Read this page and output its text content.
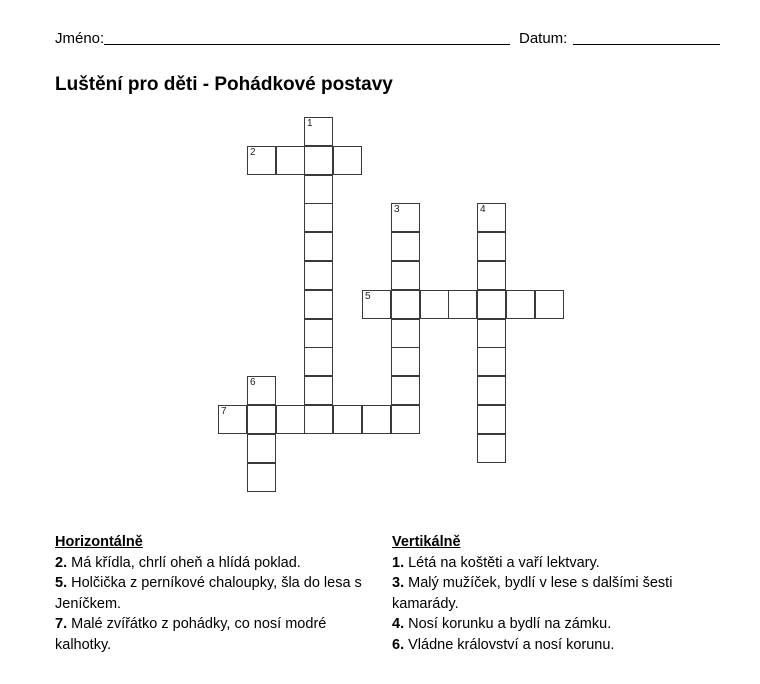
Jméno:	Datum:
Luštění pro děti - Pohádkové postavy
1
2
3	4
5
6
7
Horizontálně
2. Má křídla, chrlí oheň a hlídá poklad.
5. Holčička z perníkové chaloupky, šla do lesa s Jeníčkem.
7. Malé zvířátko z pohádky, co nosí modré kalhotky.
Vertikálně
1. Létá na koštěti a vaří lektvary.
3. Malý mužíček, bydlí v lese s dalšími šesti kamarády.
4. Nosí korunku a bydlí na zámku.
6. Vládne království a nosí korunu.
